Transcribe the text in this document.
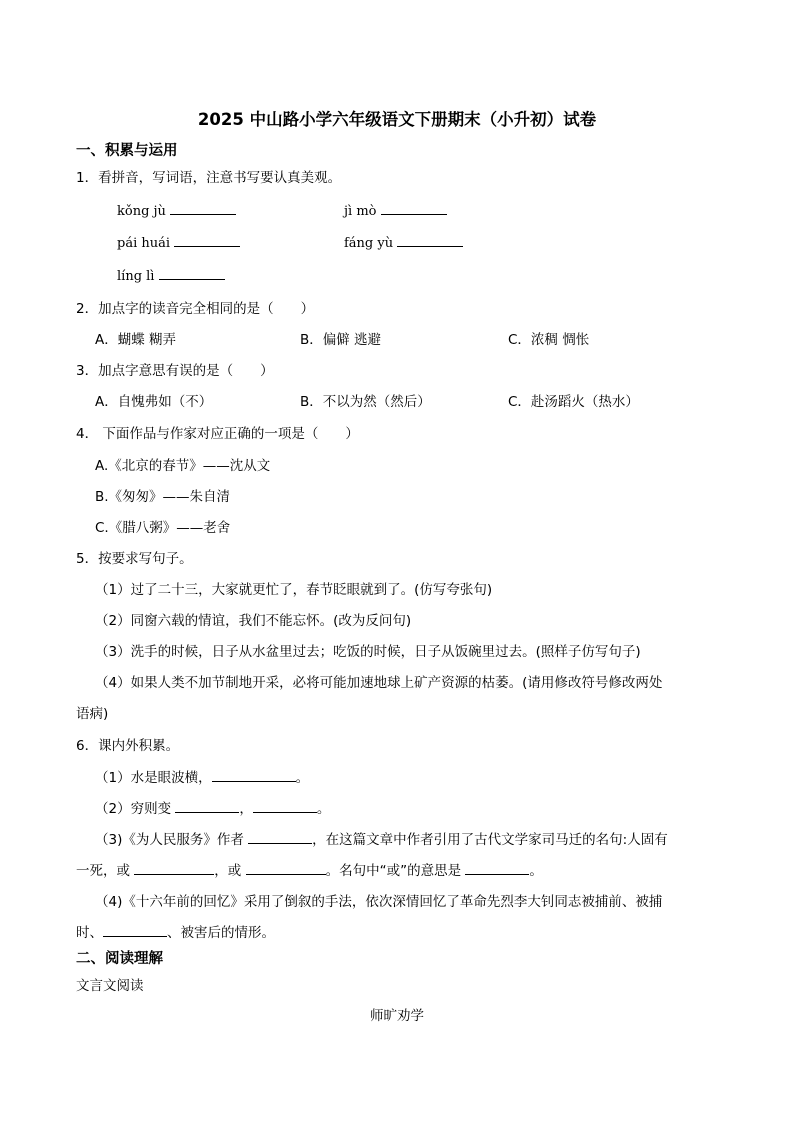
2025 中山路小学六年级语文下册期末（小升初）试卷
一、积累与运用
1．看拼音，写词语，注意书写要认真美观。
kǒng jù	jì mò
pái huái	fáng yù
líng lì
2．加点字的读音完全相同的是（　　）
A．蝴蝶 糊弄	B．偏僻 逃避	C．浓稠 惆怅
3．加点字意思有误的是（　　）
A．自愧弗如（不）	B．不以为然（然后）	C．赴汤蹈火（热水）
4． 下面作品与作家对应正确的一项是（　　）
A.《北京的春节》——沈从文
B.《匆匆》——朱自清
C.《腊八粥》——老舍
5．按要求写句子。
（1）过了二十三，大家就更忙了，春节眨眼就到了。(仿写夸张句)
（2）同窗六载的情谊，我们不能忘怀。(改为反问句)
（3）洗手的时候，日子从水盆里过去；吃饭的时候，日子从饭碗里过去。(照样子仿写句子)
（4）如果人类不加节制地开采，必将可能加速地球上矿产资源的枯萎。(请用修改符号修改两处
语病)
6．课内外积累。
（1）水是眼波横，	。
（2）穷则变	，	。
（3)《为人民服务》作者	，在这篇文章中作者引用了古代文学家司马迁的名句:人固有
一死，或	，或	。名句中“或”的意思是	。
（4)《十六年前的回忆》采用了倒叙的手法，依次深情回忆了革命先烈李大钊同志被捕前、被捕
时、	、被害后的情形。
二、阅读理解
文言文阅读
师旷劝学
